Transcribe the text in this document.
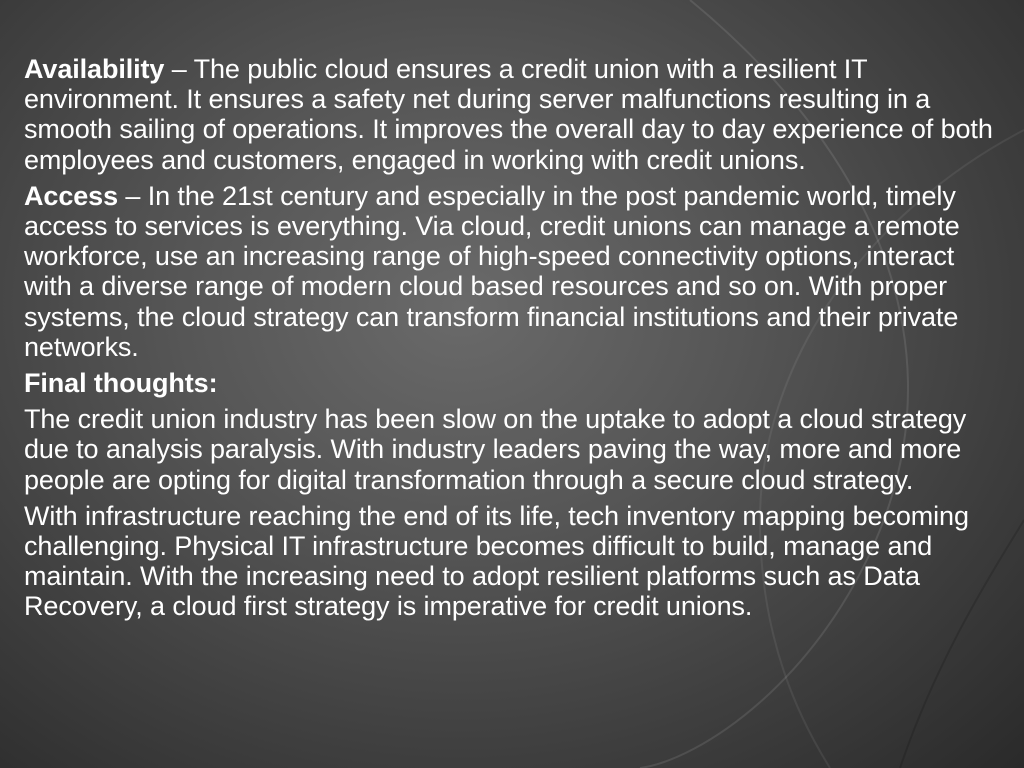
Availability – The public cloud ensures a credit union with a resilient IT environment. It ensures a safety net during server malfunctions resulting in a smooth sailing of operations. It improves the overall day to day experience of both employees and customers, engaged in working with credit unions.

Access – In the 21st century and especially in the post pandemic world, timely access to services is everything. Via cloud, credit unions can manage a remote workforce, use an increasing range of high-speed connectivity options, interact with a diverse range of modern cloud based resources and so on. With proper systems, the cloud strategy can transform financial institutions and their private networks.

Final thoughts:

The credit union industry has been slow on the uptake to adopt a cloud strategy due to analysis paralysis. With industry leaders paving the way, more and more people are opting for digital transformation through a secure cloud strategy.

With infrastructure reaching the end of its life, tech inventory mapping becoming challenging. Physical IT infrastructure becomes difficult to build, manage and maintain. With the increasing need to adopt resilient platforms such as Data Recovery, a cloud first strategy is imperative for credit unions.
